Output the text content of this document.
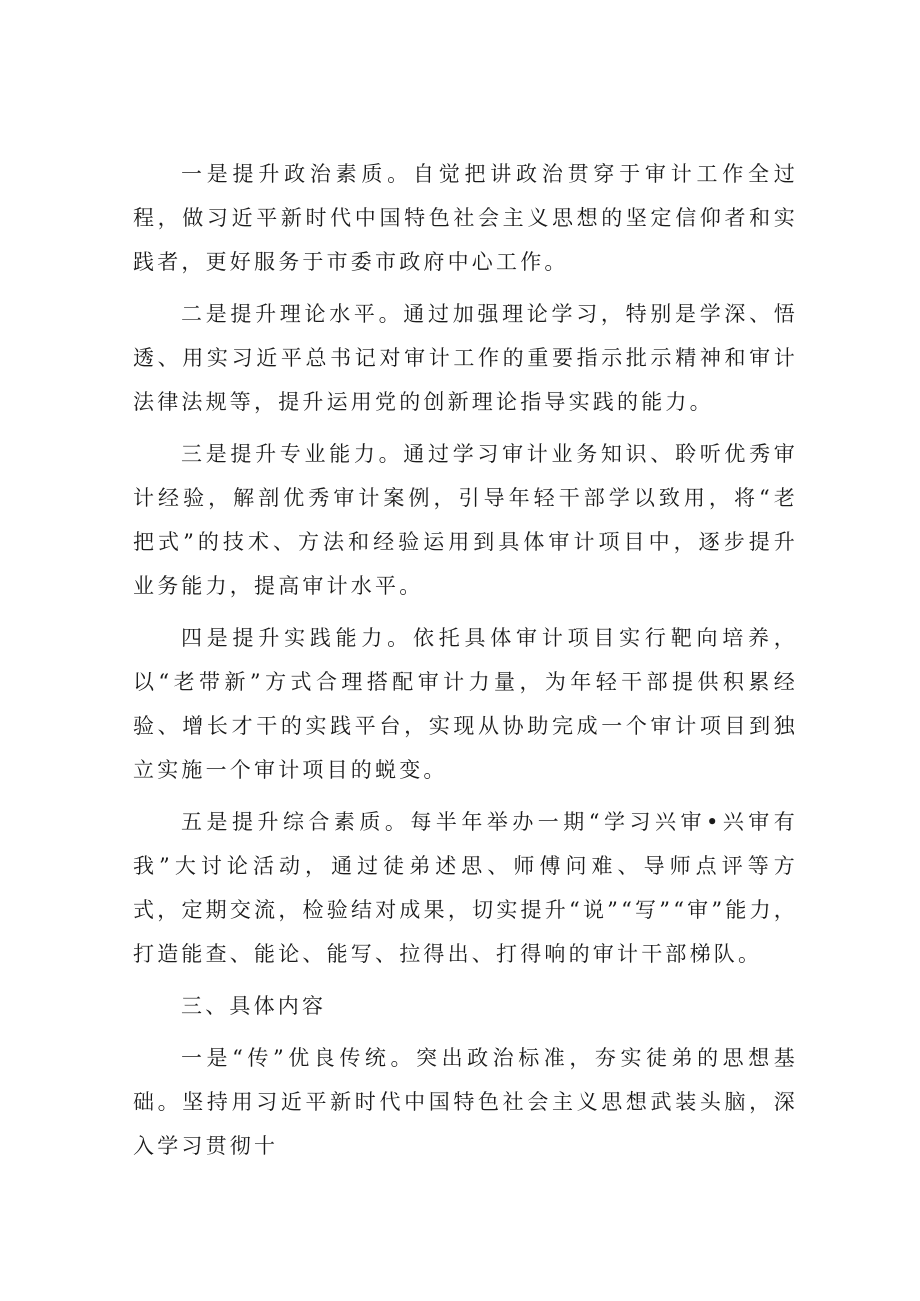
一是提升政治素质。自觉把讲政治贯穿于审计工作全过程，做习近平新时代中国特色社会主义思想的坚定信仰者和实践者，更好服务于市委市政府中心工作。

二是提升理论水平。通过加强理论学习，特别是学深、悟透、用实习近平总书记对审计工作的重要指示批示精神和审计法律法规等，提升运用党的创新理论指导实践的能力。

三是提升专业能力。通过学习审计业务知识、聆听优秀审计经验，解剖优秀审计案例，引导年轻干部学以致用，将“老把式”的技术、方法和经验运用到具体审计项目中，逐步提升业务能力，提高审计水平。

四是提升实践能力。依托具体审计项目实行靶向培养，以“老带新”方式合理搭配审计力量，为年轻干部提供积累经验、增长才干的实践平台，实现从协助完成一个审计项目到独立实施一个审计项目的蜕变。

五是提升综合素质。每半年举办一期“学习兴审•兴审有我”大讨论活动，通过徒弟述思、师傅问难、导师点评等方式，定期交流，检验结对成果，切实提升“说”“写”“审”能力，打造能查、能论、能写、拉得出、打得响的审计干部梯队。

三、具体内容

一是“传”优良传统。突出政治标准，夯实徒弟的思想基础。坚持用习近平新时代中国特色社会主义思想武装头脑，深入学习贯彻十
